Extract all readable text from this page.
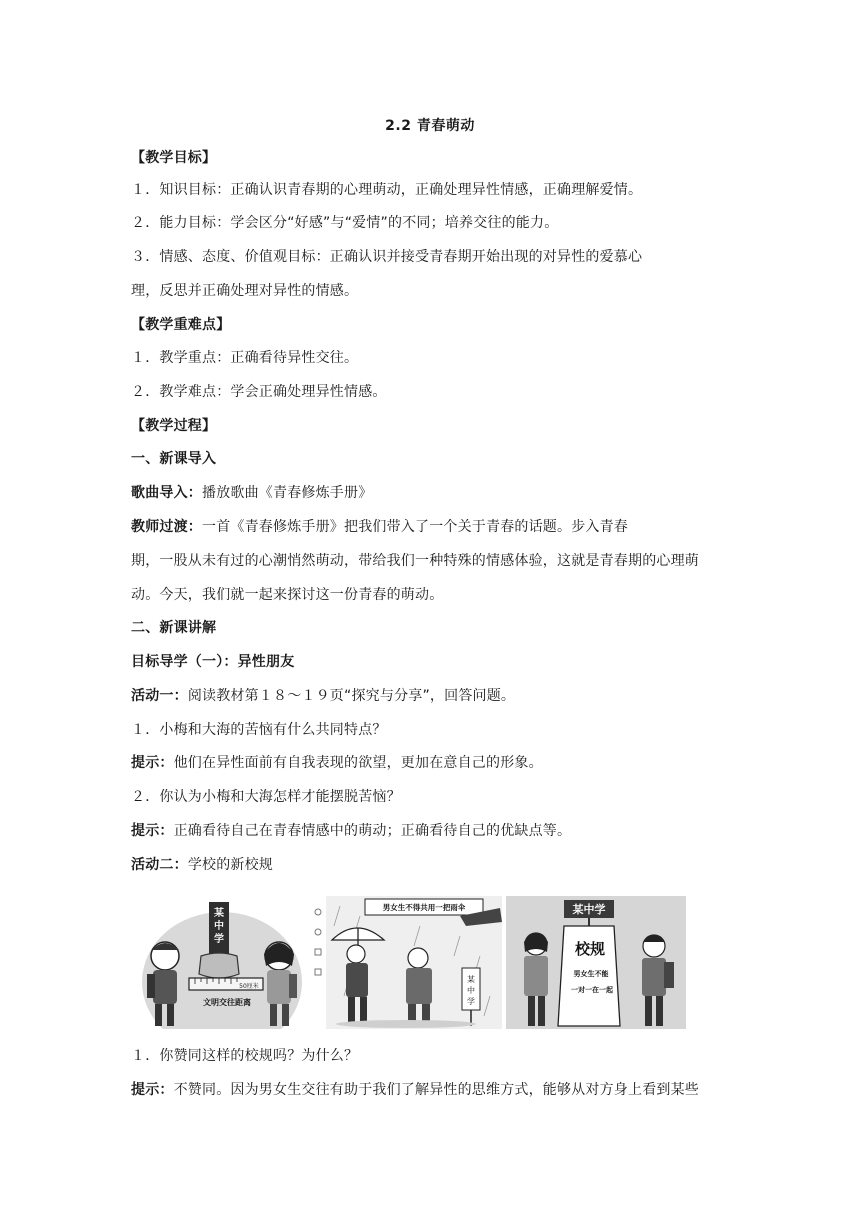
2.2 青春萌动
【教学目标】
１．知识目标：正确认识青春期的心理萌动，正确处理异性情感，正确理解爱情。
２．能力目标：学会区分“好感”与“爱情”的不同；培养交往的能力。
３．情感、态度、价值观目标：正确认识并接受青春期开始出现的对异性的爱慕心
理，反思并正确处理对异性的情感。
【教学重难点】
１．教学重点：正确看待异性交往。
２．教学难点：学会正确处理异性情感。
【教学过程】
一、新课导入
歌曲导入：播放歌曲《青春修炼手册》
教师过渡：一首《青春修炼手册》把我们带入了一个关于青春的话题。步入青春
期，一股从未有过的心潮悄然萌动，带给我们一种特殊的情感体验，这就是青春期的心理萌
动。今天，我们就一起来探讨这一份青春的萌动。
二、新课讲解
目标导学（一）：异性朋友
活动一：阅读教材第１８～１９页“探究与分享”，回答问题。
１．小梅和大海的苦恼有什么共同特点？
提示：他们在异性面前有自我表现的欲望，更加在意自己的形象。
２．你认为小梅和大海怎样才能摆脱苦恼？
提示：正确看待自己在青春情感中的萌动；正确看待自己的优缺点等。
活动二：学校的新校规
某
中
学
50厘米
文明交往距离
男女生不得共用一把雨伞
某
中
学
某中学
校规
男女生不能
一对一在一起
１．你赞同这样的校规吗？为什么？
提示：不赞同。因为男女生交往有助于我们了解异性的思维方式，能够从对方身上看到某些
